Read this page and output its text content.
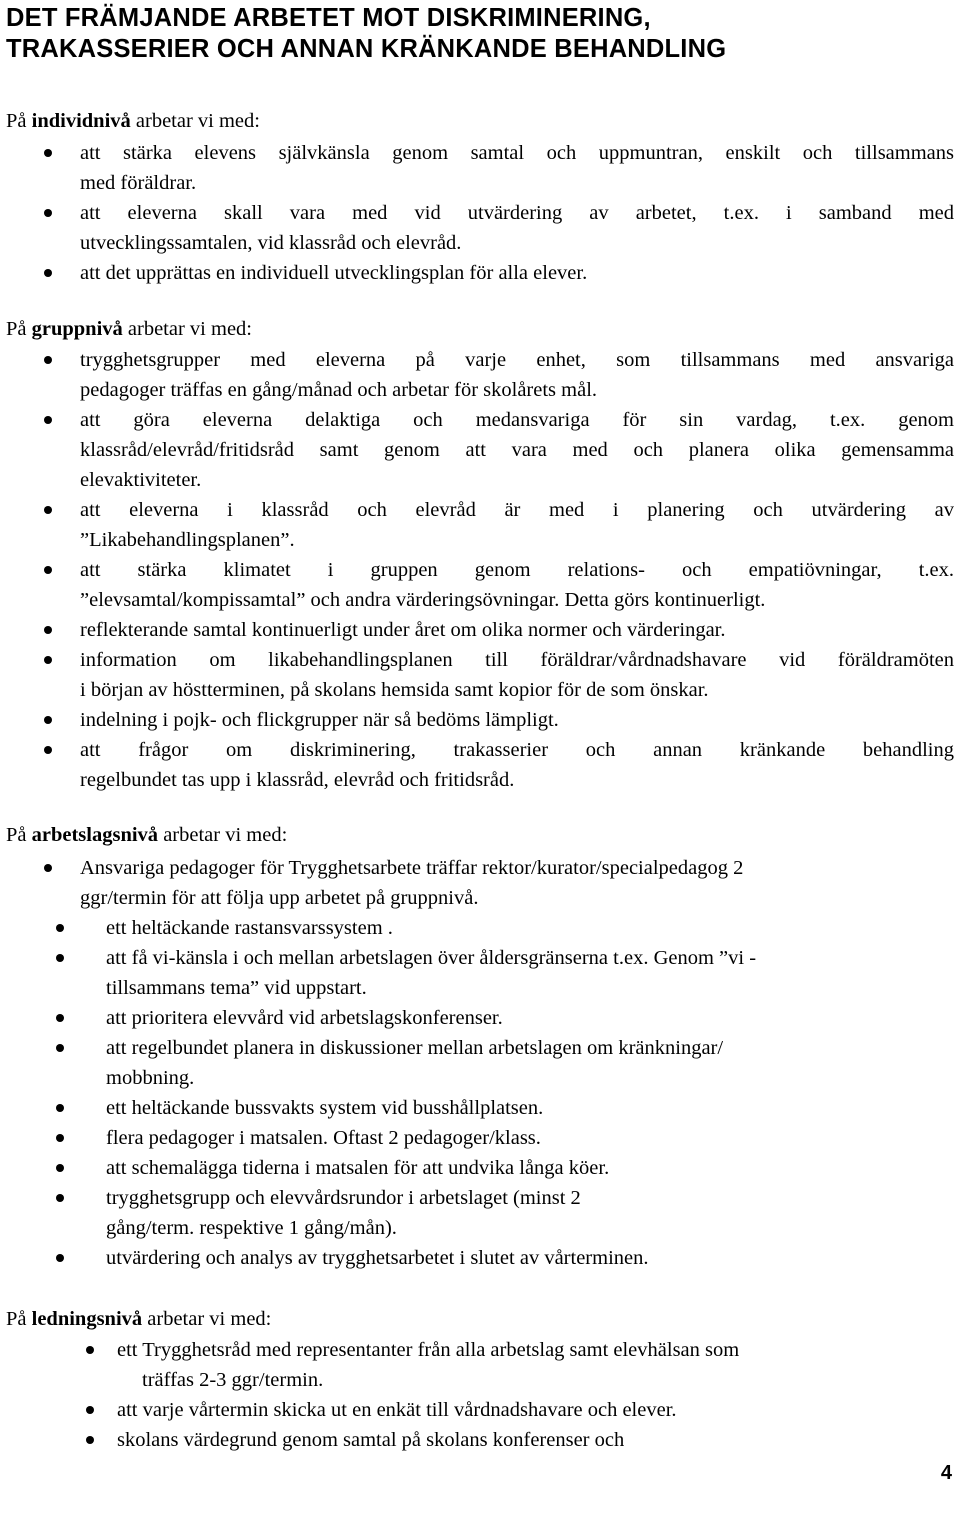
DET FRÄMJANDE ARBETET MOT DISKRIMINERING,
TRAKASSERIER OCH ANNAN KRÄNKANDE BEHANDLING

På individnivå arbetar vi med:

att stärka elevens självkänsla genom samtal och uppmuntran, enskilt och tillsammans
med föräldrar.
att eleverna skall vara med vid utvärdering av arbetet, t.ex. i samband med
utvecklingssamtalen, vid klassråd och elevråd.
att det upprättas en individuell utvecklingsplan för alla elever.

På gruppnivå arbetar vi med:

trygghetsgrupper med eleverna på varje enhet, som tillsammans med ansvariga
pedagoger träffas en gång/månad och arbetar för skolårets mål.
att göra eleverna delaktiga och medansvariga för sin vardag, t.ex. genom
klassråd/elevråd/fritidsråd samt genom att vara med och planera olika gemensamma
elevaktiviteter.
att eleverna i klassråd och elevråd är med i planering och utvärdering av
”Likabehandlingsplanen”.
att stärka klimatet i gruppen genom relations- och empatiövningar, t.ex.
”elevsamtal/kompissamtal” och andra värderingsövningar. Detta görs kontinuerligt.
reflekterande samtal kontinuerligt under året om olika normer och värderingar.
information om likabehandlingsplanen till föräldrar/vårdnadshavare vid föräldramöten
i början av höstterminen, på skolans hemsida samt kopior för de som önskar.
indelning i pojk- och flickgrupper när så bedöms lämpligt.
att frågor om diskriminering, trakasserier och annan kränkande behandling
regelbundet tas upp i klassråd, elevråd och fritidsråd.

På arbetslagsnivå arbetar vi med:

Ansvariga pedagoger för Trygghetsarbete träffar rektor/kurator/specialpedagog 2
ggr/termin för att följa upp arbetet på gruppnivå.
ett heltäckande rastansvarssystem .
att få vi-känsla i och mellan arbetslagen över åldersgränserna t.ex. Genom ”vi -
tillsammans tema” vid uppstart.
att prioritera elevvård vid arbetslagskonferenser.
att regelbundet planera in diskussioner mellan arbetslagen om kränkningar/
mobbning.
ett heltäckande bussvakts system vid busshållplatsen.
flera pedagoger i matsalen. Oftast 2 pedagoger/klass.
att schemalägga tiderna i matsalen för att undvika långa köer.
trygghetsgrupp och elevvårdsrundor i arbetslaget (minst 2
gång/term. respektive 1 gång/mån).
utvärdering och analys av trygghetsarbetet i slutet av vårterminen.

På ledningsnivå arbetar vi med:

ett Trygghetsråd med representanter från alla arbetslag samt elevhälsan som
träffas 2-3 ggr/termin.
att varje vårtermin skicka ut en enkät till vårdnadshavare och elever.
skolans värdegrund genom samtal på skolans konferenser och
4
